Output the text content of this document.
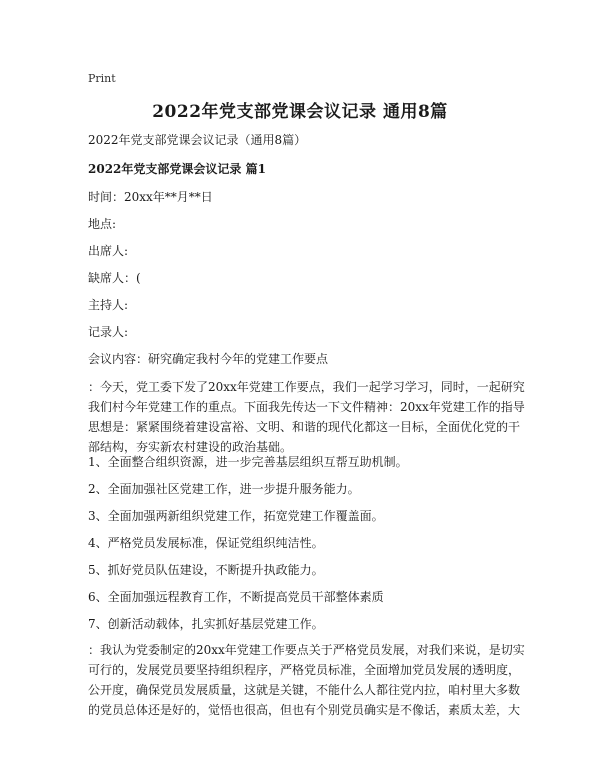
Print
2022年党支部党课会议记录 通用8篇
2022年党支部党课会议记录（通用8篇）
2022年党支部党课会议记录 篇1
时间：20xx年**月**日
地点:
出席人:
缺席人：(
主持人:
记录人:
会议内容：研究确定我村今年的党建工作要点

：今天，党工委下发了20xx年党建工作要点，我们一起学习学习，同时，一起研究

我们村今年党建工作的重点。下面我先传达一下文件精神：20xx年党建工作的指导

思想是：紧紧围绕着建设富裕、文明、和谐的现代化都这一目标，全面优化党的干

部结构，夯实新农村建设的政治基础。

1、全面整合组织资源，进一步完善基层组织互帮互助机制。
2、全面加强社区党建工作，进一步提升服务能力。
3、全面加强两新组织党建工作，拓宽党建工作覆盖面。
4、严格党员发展标准，保证党组织纯洁性。
5、抓好党员队伍建设，不断提升执政能力。
6、全面加强远程教育工作，不断提高党员干部整体素质
7、创新活动载体，扎实抓好基层党建工作。

：我认为党委制定的20xx年党建工作要点关于严格党员发展，对我们来说，是切实

可行的，发展党员要坚持组织程序，严格党员标准，全面增加党员发展的透明度，

公开度，确保党员发展质量，这就是关键，不能什么人都往党内拉，咱村里大多数

的党员总体还是好的，觉悟也很高，但也有个别党员确实是不像话，素质太差，大
